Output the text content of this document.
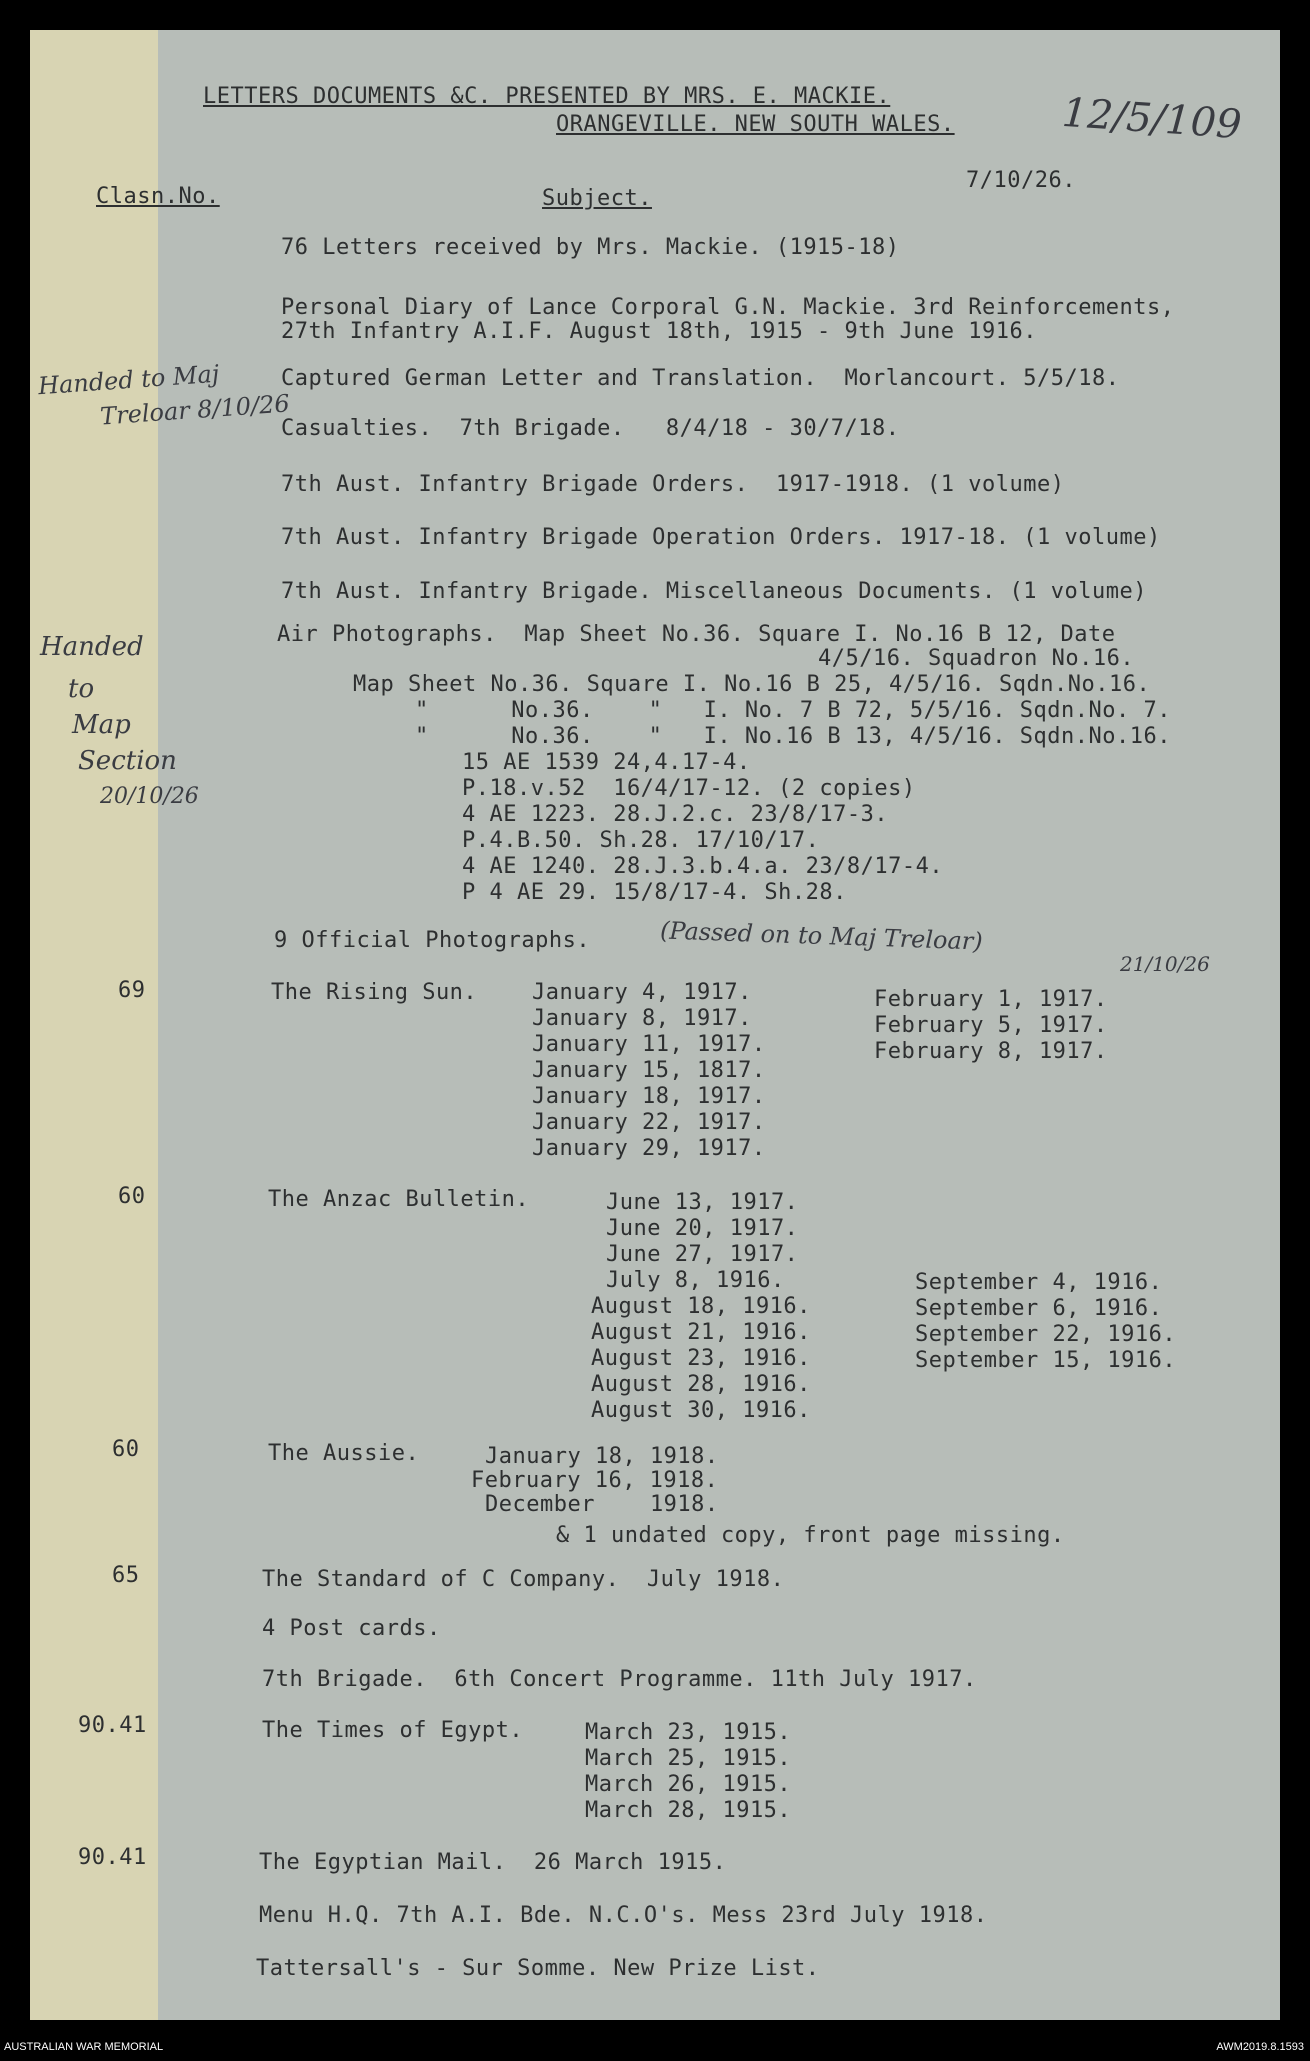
LETTERS DOCUMENTS &C. PRESENTED BY MRS. E. MACKIE.
ORANGEVILLE. NEW SOUTH WALES.	12/5/109
7/10/26.
Clasn.No.	Subject.
76 Letters received by Mrs. Mackie. (1915-18)
Personal Diary of Lance Corporal G.N. Mackie. 3rd Reinforcements,
27th Infantry A.I.F. August 18th, 1915 - 9th June 1916.
Captured German Letter and Translation.  Morlancourt. 5/5/18.
Casualties.  7th Brigade.   8/4/18 - 30/7/18.
7th Aust. Infantry Brigade Orders.  1917-1918. (1 volume)
7th Aust. Infantry Brigade Operation Orders. 1917-18. (1 volume)
7th Aust. Infantry Brigade. Miscellaneous Documents. (1 volume)
Air Photographs.  Map Sheet No.36. Square I. No.16 B 12, Date
4/5/16. Squadron No.16.
Map Sheet No.36. Square I. No.16 B 25, 4/5/16. Sqdn.No.16.
"      No.36.    "   I. No. 7 B 72, 5/5/16. Sqdn.No. 7.
"      No.36.    "   I. No.16 B 13, 4/5/16. Sqdn.No.16.
15 AE 1539 24,4.17-4.
P.18.v.52  16/4/17-12. (2 copies)
4 AE 1223. 28.J.2.c. 23/8/17-3.
P.4.B.50. Sh.28. 17/10/17.
4 AE 1240. 28.J.3.b.4.a. 23/8/17-4.
P 4 AE 29. 15/8/17-4. Sh.28.
9 Official Photographs.
69	The Rising Sun. January 4, 1917.
January 8, 1917.
January 11, 1917.
January 15, 1817.
January 18, 1917.
January 22, 1917.
January 29, 1917.
February 1, 1917.
February 5, 1917.
February 8, 1917.
60	The Anzac Bulletin.	June 13, 1917.
June 20, 1917.
June 27, 1917.
July 8, 1916.
August 18, 1916.
August 21, 1916.
August 23, 1916.
August 28, 1916.
August 30, 1916.
September 4, 1916.
September 6, 1916.
September 22, 1916.
September 15, 1916.
60	The Aussie.	January 18, 1918.
February 16, 1918.
December    1918.
& 1 undated copy, front page missing.
65	The Standard of C Company.  July 1918.
4 Post cards.
7th Brigade.  6th Concert Programme. 11th July 1917.
90.41	The Times of Egypt.	March 23, 1915.
March 25, 1915.
March 26, 1915.
March 28, 1915.
90.41	The Egyptian Mail.  26 March 1915.
Menu H.Q. 7th A.I. Bde. N.C.O's. Mess 23rd July 1918.
Tattersall's - Sur Somme. New Prize List.
Handed to Maj
Treloar 8/10/26
Handed
to
Map
Section
20/10/26
(Passed on to Maj Treloar)
21/10/26
AUSTRALIAN WAR MEMORIAL	AWM2019.8.1593
